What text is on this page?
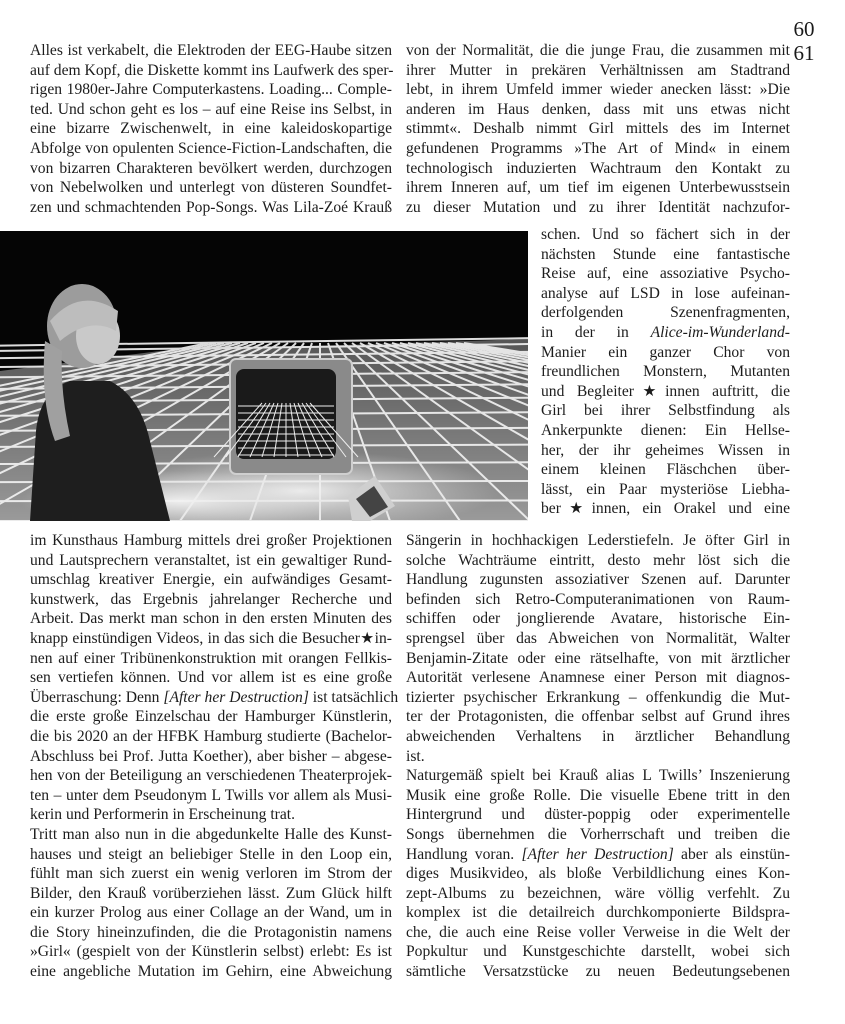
60
61
Alles ist verkabelt, die Elektroden der EEG-Haube sitzen
auf dem Kopf, die Diskette kommt ins Laufwerk des sper-
rigen 1980er-Jahre Computerkastens. Loading... Comple-
ted. Und schon geht es los – auf eine Reise ins Selbst, in
eine bizarre Zwischenwelt, in eine kaleidoskopartige
Abfolge von opulenten Science-Fiction-Landschaften, die
von bizarren Charakteren bevölkert werden, durchzogen
von Nebelwolken und unterlegt von düsteren Soundfet-
zen und schmachtenden Pop-Songs. Was Lila-Zoé Krauß
von der Normalität, die die junge Frau, die zusammen mit
ihrer Mutter in prekären Verhältnissen am Stadtrand
lebt, in ihrem Umfeld immer wieder anecken lässt: »Die
anderen im Haus denken, dass mit uns etwas nicht
stimmt«. Deshalb nimmt Girl mittels des im Internet
gefundenen Programms »The Art of Mind« in einem
technologisch induzierten Wachtraum den Kontakt zu
ihrem Inneren auf, um tief im eigenen Unterbewusstsein
zu dieser Mutation und zu ihrer Identität nachzufor-
schen. Und so fächert sich in der
nächsten Stunde eine fantastische
Reise auf, eine assoziative Psycho-
analyse auf LSD in lose aufeinan-
derfolgenden Szenenfragmenten,
in der in Alice-im-Wunderland-
Manier ein ganzer Chor von
freundlichen Monstern, Mutanten
und Begleiter★innen auftritt, die
Girl bei ihrer Selbstfindung als
Ankerpunkte dienen: Ein Hellse-
her, der ihr geheimes Wissen in
einem kleinen Fläschchen über-
lässt, ein Paar mysteriöse Liebha-
ber★innen, ein Orakel und eine
im Kunsthaus Hamburg mittels drei großer Projektionen
und Lautsprechern veranstaltet, ist ein gewaltiger Rund-
umschlag kreativer Energie, ein aufwändiges Gesamt-
kunstwerk, das Ergebnis jahrelanger Recherche und
Arbeit. Das merkt man schon in den ersten Minuten des
knapp einstündigen Videos, in das sich die Besucher★in-
nen auf einer Tribünenkonstruktion mit orangen Fellkis-
sen vertiefen können. Und vor allem ist es eine große
Überraschung: Denn [After her Destruction] ist tatsächlich
die erste große Einzelschau der Hamburger Künstlerin,
die bis 2020 an der HFBK Hamburg studierte (Bachelor-
Abschluss bei Prof. Jutta Koether), aber bisher – abgese-
hen von der Beteiligung an verschiedenen Theaterprojek-
ten – unter dem Pseudonym L Twills vor allem als Musi-
kerin und Performerin in Erscheinung trat.
Tritt man also nun in die abgedunkelte Halle des Kunst-
hauses und steigt an beliebiger Stelle in den Loop ein,
fühlt man sich zuerst ein wenig verloren im Strom der
Bilder, den Krauß vorüberziehen lässt. Zum Glück hilft
ein kurzer Prolog aus einer Collage an der Wand, um in
die Story hineinzufinden, die die Protagonistin namens
»Girl« (gespielt von der Künstlerin selbst) erlebt: Es ist
eine angebliche Mutation im Gehirn, eine Abweichung
Sängerin in hochhackigen Lederstiefeln. Je öfter Girl in
solche Wachträume eintritt, desto mehr löst sich die
Handlung zugunsten assoziativer Szenen auf. Darunter
befinden sich Retro-Computeranimationen von Raum-
schiffen oder jonglierende Avatare, historische Ein-
sprengsel über das Abweichen von Normalität, Walter
Benjamin-Zitate oder eine rätselhafte, von mit ärztlicher
Autorität verlesene Anamnese einer Person mit diagnos-
tizierter psychischer Erkrankung – offenkundig die Mut-
ter der Protagonisten, die offenbar selbst auf Grund ihres
abweichenden Verhaltens in ärztlicher Behandlung
ist.
Naturgemäß spielt bei Krauß alias L Twills’ Inszenierung
Musik eine große Rolle. Die visuelle Ebene tritt in den
Hintergrund und düster-poppig oder experimentelle
Songs übernehmen die Vorherrschaft und treiben die
Handlung voran. [After her Destruction] aber als einstün-
diges Musikvideo, als bloße Verbildlichung eines Kon-
zept-Albums zu bezeichnen, wäre völlig verfehlt. Zu
komplex ist die detailreich durchkomponierte Bildspra-
che, die auch eine Reise voller Verweise in die Welt der
Popkultur und Kunstgeschichte darstellt, wobei sich
sämtliche Versatzstücke zu neuen Bedeutungsebenen
